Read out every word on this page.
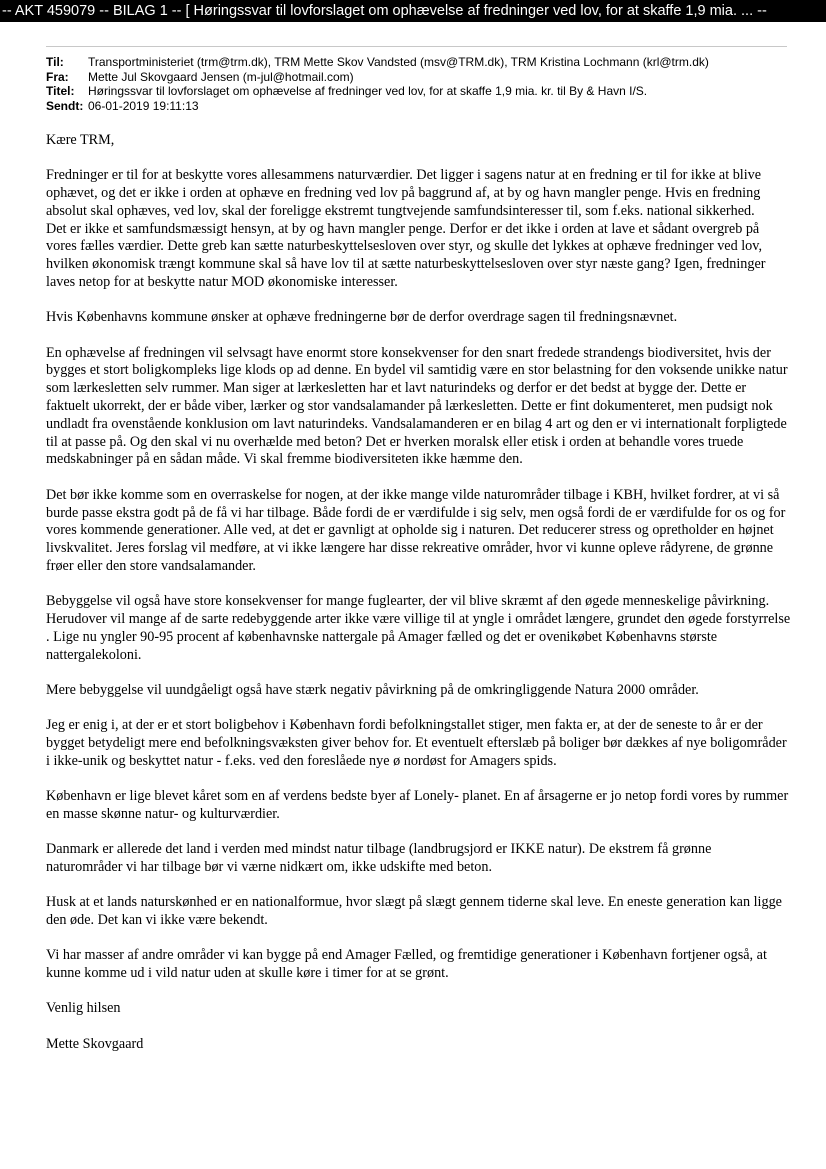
-- AKT 459079 -- BILAG 1 -- [ Høringssvar til lovforslaget om ophævelse af fredninger ved lov, for at skaffe 1,9 mia. ... --
Til:	Transportministeriet (trm@trm.dk), TRM Mette Skov Vandsted (msv@TRM.dk), TRM Kristina Lochmann (krl@trm.dk)
Fra:	Mette Jul Skovgaard Jensen (m-jul@hotmail.com)
Titel:	Høringssvar til lovforslaget om ophævelse af fredninger ved lov, for at skaffe 1,9 mia. kr. til By & Havn I/S.
Sendt: 06-01-2019 19:11:13

Kære TRM,

Fredninger er til for at beskytte vores allesammens naturværdier. Det ligger i sagens natur at en fredning er til for ikke at blive ophævet, og det er ikke i orden at ophæve en fredning ved lov på baggrund af, at by og havn mangler penge. Hvis en fredning absolut skal ophæves, ved lov, skal der foreligge ekstremt tungtvejende samfundsinteresser til, som f.eks. national sikkerhed.

Det er ikke et samfundsmæssigt hensyn, at by og havn mangler penge. Derfor er det ikke i orden at lave et sådant overgreb på vores fælles værdier. Dette greb kan sætte naturbeskyttelsesloven over styr, og skulle det lykkes at ophæve fredninger ved lov, hvilken økonomisk trængt kommune skal så have lov til at sætte naturbeskyttelsesloven over styr næste gang? Igen, fredninger laves netop for at beskytte natur MOD økonomiske interesser.

Hvis Københavns kommune ønsker at ophæve fredningerne bør de derfor overdrage sagen til fredningsnævnet.

En ophævelse af fredningen vil selvsagt have enormt store konsekvenser for den snart fredede strandengs biodiversitet, hvis der bygges et stort boligkompleks lige klods op ad denne. En bydel vil samtidig være en stor belastning for den voksende unikke natur som lærkesletten selv rummer. Man siger at lærkesletten har et lavt naturindeks og derfor er det bedst at bygge der. Dette er faktuelt ukorrekt, der er både viber, lærker og stor vandsalamander på lærkesletten. Dette er fint dokumenteret, men pudsigt nok undladt fra ovenstående konklusion om lavt naturindeks. Vandsalamanderen er en bilag 4 art og den er vi internationalt forpligtede til at passe på. Og den skal vi nu overhælde med beton? Det er hverken moralsk eller etisk i orden at behandle vores truede medskabninger på en sådan måde. Vi skal fremme biodiversiteten ikke hæmme den.

Det bør ikke komme som en overraskelse for nogen, at der ikke mange vilde naturområder tilbage i KBH, hvilket fordrer, at vi så burde passe ekstra godt på de få vi har tilbage. Både fordi de er værdifulde i sig selv, men også fordi de er værdifulde for os og for vores kommende generationer. Alle ved, at det er gavnligt at opholde sig i naturen. Det reducerer stress og opretholder en højnet livskvalitet. Jeres forslag vil medføre, at vi ikke længere har disse rekreative områder, hvor vi kunne opleve rådyrene, de grønne frøer eller den store vandsalamander.

Bebyggelse vil også have store konsekvenser for mange fuglearter, der vil blive skræmt af den øgede menneskelige påvirkning. Herudover vil mange af de sarte redebyggende arter ikke være villige til at yngle i området længere, grundet den øgede forstyrrelse . Lige nu yngler 90-95 procent af københavnske nattergale på Amager fælled og det er ovenikøbet Københavns største nattergalekoloni.

Mere bebyggelse vil uundgåeligt også have stærk negativ påvirkning på de omkringliggende Natura 2000 områder.

Jeg er enig i, at der er et stort boligbehov i København fordi befolkningstallet stiger, men fakta er, at der de seneste to år er der bygget betydeligt mere end befolkningsvæksten giver behov for. Et eventuelt efterslæb på boliger bør dækkes af nye boligområder i ikke-unik og beskyttet natur - f.eks. ved den foreslåede nye ø nordøst for Amagers spids.

København er lige blevet kåret som en af verdens bedste byer af Lonely- planet. En af årsagerne er jo netop fordi vores by rummer en masse skønne natur- og kulturværdier.

Danmark er allerede det land i verden med mindst natur tilbage (landbrugsjord er IKKE natur). De ekstrem få grønne naturområder vi har tilbage bør vi værne nidkært om, ikke udskifte med beton.

Husk at et lands naturskønhed er en nationalformue, hvor slægt på slægt gennem tiderne skal leve. En eneste generation kan ligge den øde. Det kan vi ikke være bekendt.

Vi har masser af andre områder vi kan bygge på end Amager Fælled, og fremtidige generationer i København fortjener også, at kunne komme ud i vild natur uden at skulle køre i timer for at se grønt.

Venlig hilsen

Mette Skovgaard
